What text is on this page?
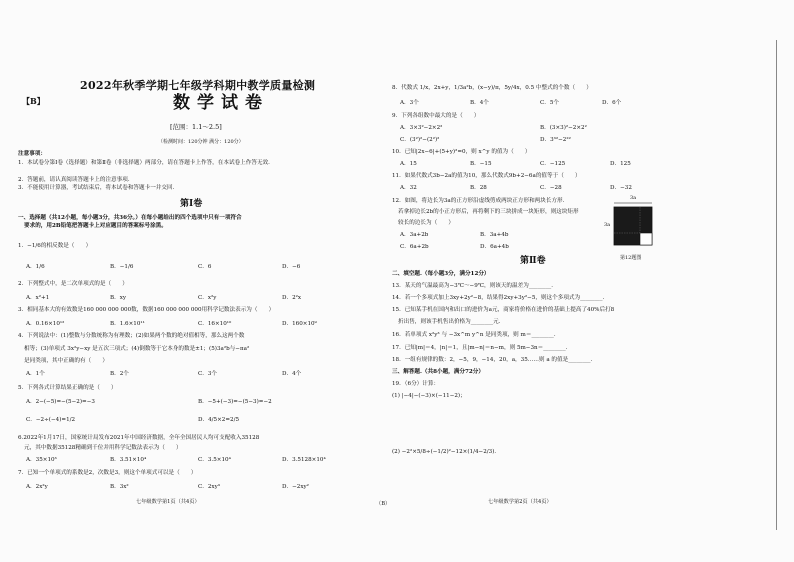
2022年秋季学期七年级学科期中教学质量检测
【B】	数学试卷
[范围：1.1～2.5]
（检测时间：120分钟 满分：120分）
注意事项：
1．本试卷分第Ⅰ卷（选择题）和第Ⅱ卷（非选择题）两部分，请在答题卡上作答，在本试卷上作答无效．
2．答题前，请认真阅读答题卡上的注意事项．
3．不能使用计算器，考试结束后，将本试卷和答题卡一并交回．
第Ⅰ卷
一、选择题（共12小题，每小题3分，共36分。）在每小题给出的四个选项中只有一项符合
要求的，用2B铅笔把答题卡上对应题目的答案标号涂黑。
1．−1/6的相反数是（　　）
A．1/6	B．−1/6	C．6	D．−6
2．下列整式中，是二次单项式的是（　　）
A．x²+1	B．xy	C．x²y	D．2²x
3．相同基本大的有效数是160 000 000 000数，数据160 000 000 000用科学记数法表示为（　　）
A．0.16×10¹²	B．1.6×10¹¹	C．16×10¹⁰	D．160×10⁹
4．下列说法中：(1)整数与分数统称为有理数；(2)如果两个数的绝对值相等，那么这两个数
相等；(3)单项式 3x²y−xy 是五次三项式；(4)倒数等于它本身的数是±1；(5)3a²b与−πa²
是同类项，其中正确的有（　　）
A．1个	B．2个	C．3个	D．4个
5．下列各式计算结果正确的是（　　）
A．2−(−5)=−(5−2)=−3	B．−5+(−3)=−(5−3)=−2
C．−2÷(−4)=1/2	D．4/5×2=2/5
6.2022年1月17日，国家统计局发布2021年中国经济数据，全年全国居民人均可支配收入35128
元，其中数据35128精确到千位并用科学记数法表示为（　　）
A．35×10³	B．3.51×10⁴	C．3.5×10⁴	D．3.5128×10⁴
7．已知一个单项式的系数是2，次数是3，则这个单项式可以是（　　）
A．2x²y	B．3x²	C．2xy³	D．−2xy²
七年级数学第1页（共4页）	（B）
8．代数式 1/x，2x+y，1/3a²b，(x−y)/π，5y/4x，0.5 中整式的个数（　　）
A．3个	B．4个	C．5个	D．6个
9．下列各组数中最大的是（　　）
A．3×3²−2×2²	B．(3×3)²−2×2²
C．(3²)²−(2²)²	D．3³²−2²²
10．已知|2x−6|+(5+y)²=0，则 x^y 的值为（　　）
A．15	B．−15	C．−125	D．125
11．如果代数式3b−2a的值为10，那么代数式9b+2−6a的值等于（　　）
A．32	B．28	C．−28	D．−32
12．如图，将边长为3a的正方形沿虚线剪成两块正方形和两块长方形．
若拿掉边长2b的小正方形后，再将剩下的三块拼成一块矩形，则这块矩形
较长的边长为（　　）
A．3a+2b	B．3a+4b
C．6a+2b	D．6a+4b
第Ⅱ卷
二、填空题.（每小题3分，满分12分）
13．某天的气温最高为−3℃～−9℃，则该天的温差为________．
14．若一个多项式加上3xy+2y²−8，结果得2xy+3y²−5，则这个多项式为________．
15．已知某手机在国内和出口的进价为a元，商家将价格在进价的基础上提高了40%后打8
折出售，则该手机售出价格为________元．
16．若单项式 x²y³ 与 −3x^m y^n 是同类项，则 m＝________．
17．已知|m|＝4，|n|＝1，且|m−n|＝n−m，则 5m−3n＝________．
18．一组有规律的数：2，−5，9，−14，20，a，35……则 a 的值是________．
三、解答题.（共8小题，满分72分）
19．（6分）计算：
(1) |−4|−(−3)×(−11−2)；
(2) −2²×5/8÷(−1/2)²−12×(1/4−2/3)．
七年级数学第2页（共4页）
3a
3a
第12题图
